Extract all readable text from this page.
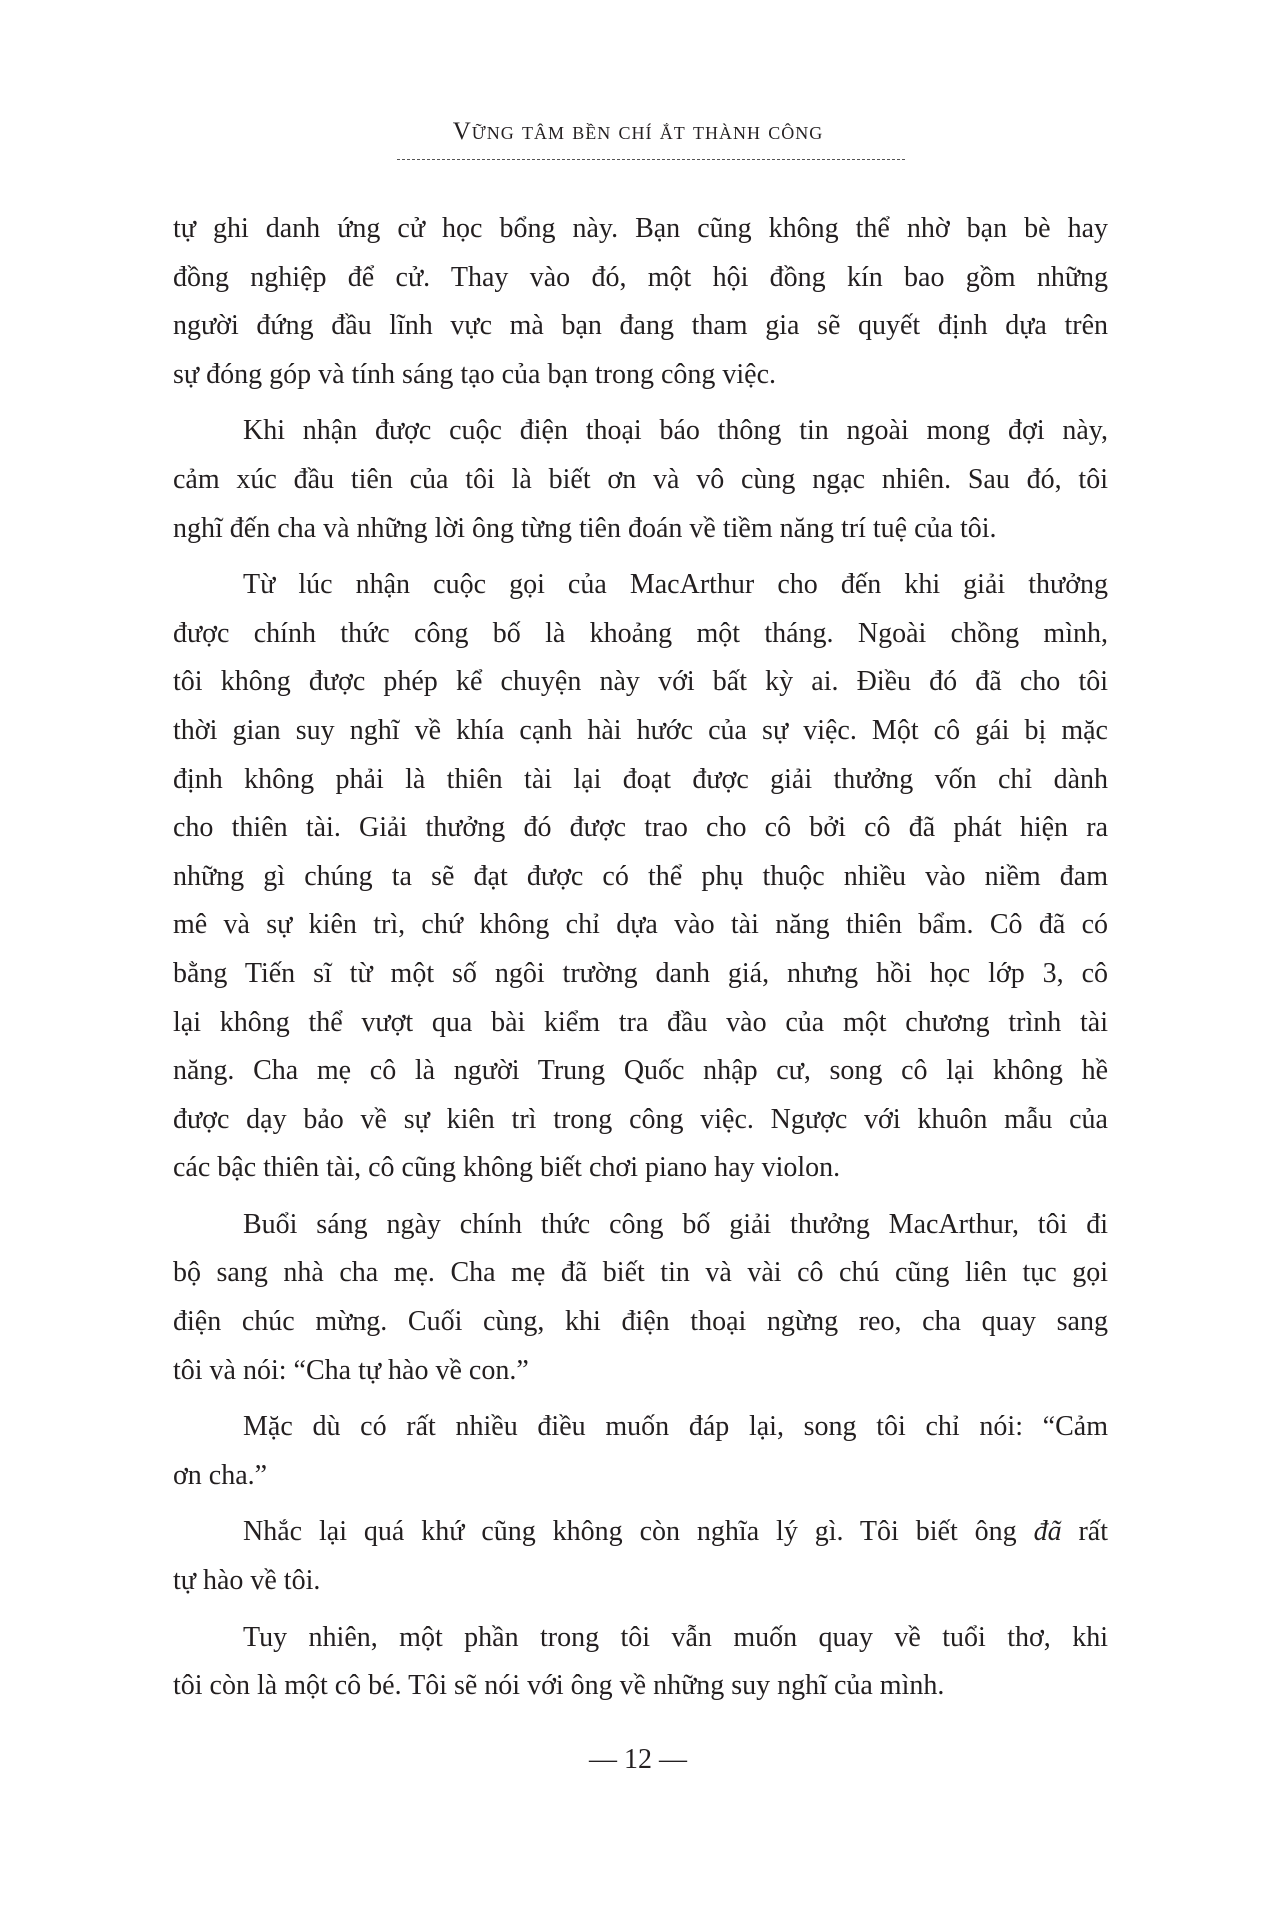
Vững tâm bền chí ắt thành công
tự ghi danh ứng cử học bổng này. Bạn cũng không thể nhờ bạn bè hay
đồng nghiệp để cử. Thay vào đó, một hội đồng kín bao gồm những
người đứng đầu lĩnh vực mà bạn đang tham gia sẽ quyết định dựa trên
sự đóng góp và tính sáng tạo của bạn trong công việc.
Khi nhận được cuộc điện thoại báo thông tin ngoài mong đợi này,
cảm xúc đầu tiên của tôi là biết ơn và vô cùng ngạc nhiên. Sau đó, tôi
nghĩ đến cha và những lời ông từng tiên đoán về tiềm năng trí tuệ của tôi.
Từ lúc nhận cuộc gọi của MacArthur cho đến khi giải thưởng
được chính thức công bố là khoảng một tháng. Ngoài chồng mình,
tôi không được phép kể chuyện này với bất kỳ ai. Điều đó đã cho tôi
thời gian suy nghĩ về khía cạnh hài hước của sự việc. Một cô gái bị mặc
định không phải là thiên tài lại đoạt được giải thưởng vốn chỉ dành
cho thiên tài. Giải thưởng đó được trao cho cô bởi cô đã phát hiện ra
những gì chúng ta sẽ đạt được có thể phụ thuộc nhiều vào niềm đam
mê và sự kiên trì, chứ không chỉ dựa vào tài năng thiên bẩm. Cô đã có
bằng Tiến sĩ từ một số ngôi trường danh giá, nhưng hồi học lớp 3, cô
lại không thể vượt qua bài kiểm tra đầu vào của một chương trình tài
năng. Cha mẹ cô là người Trung Quốc nhập cư, song cô lại không hề
được dạy bảo về sự kiên trì trong công việc. Ngược với khuôn mẫu của
các bậc thiên tài, cô cũng không biết chơi piano hay violon.
Buổi sáng ngày chính thức công bố giải thưởng MacArthur, tôi đi
bộ sang nhà cha mẹ. Cha mẹ đã biết tin và vài cô chú cũng liên tục gọi
điện chúc mừng. Cuối cùng, khi điện thoại ngừng reo, cha quay sang
tôi và nói: “Cha tự hào về con.”
Mặc dù có rất nhiều điều muốn đáp lại, song tôi chỉ nói: “Cảm
ơn cha.”
Nhắc lại quá khứ cũng không còn nghĩa lý gì. Tôi biết ông đã rất
tự hào về tôi.
Tuy nhiên, một phần trong tôi vẫn muốn quay về tuổi thơ, khi
tôi còn là một cô bé. Tôi sẽ nói với ông về những suy nghĩ của mình.
— 12 —
